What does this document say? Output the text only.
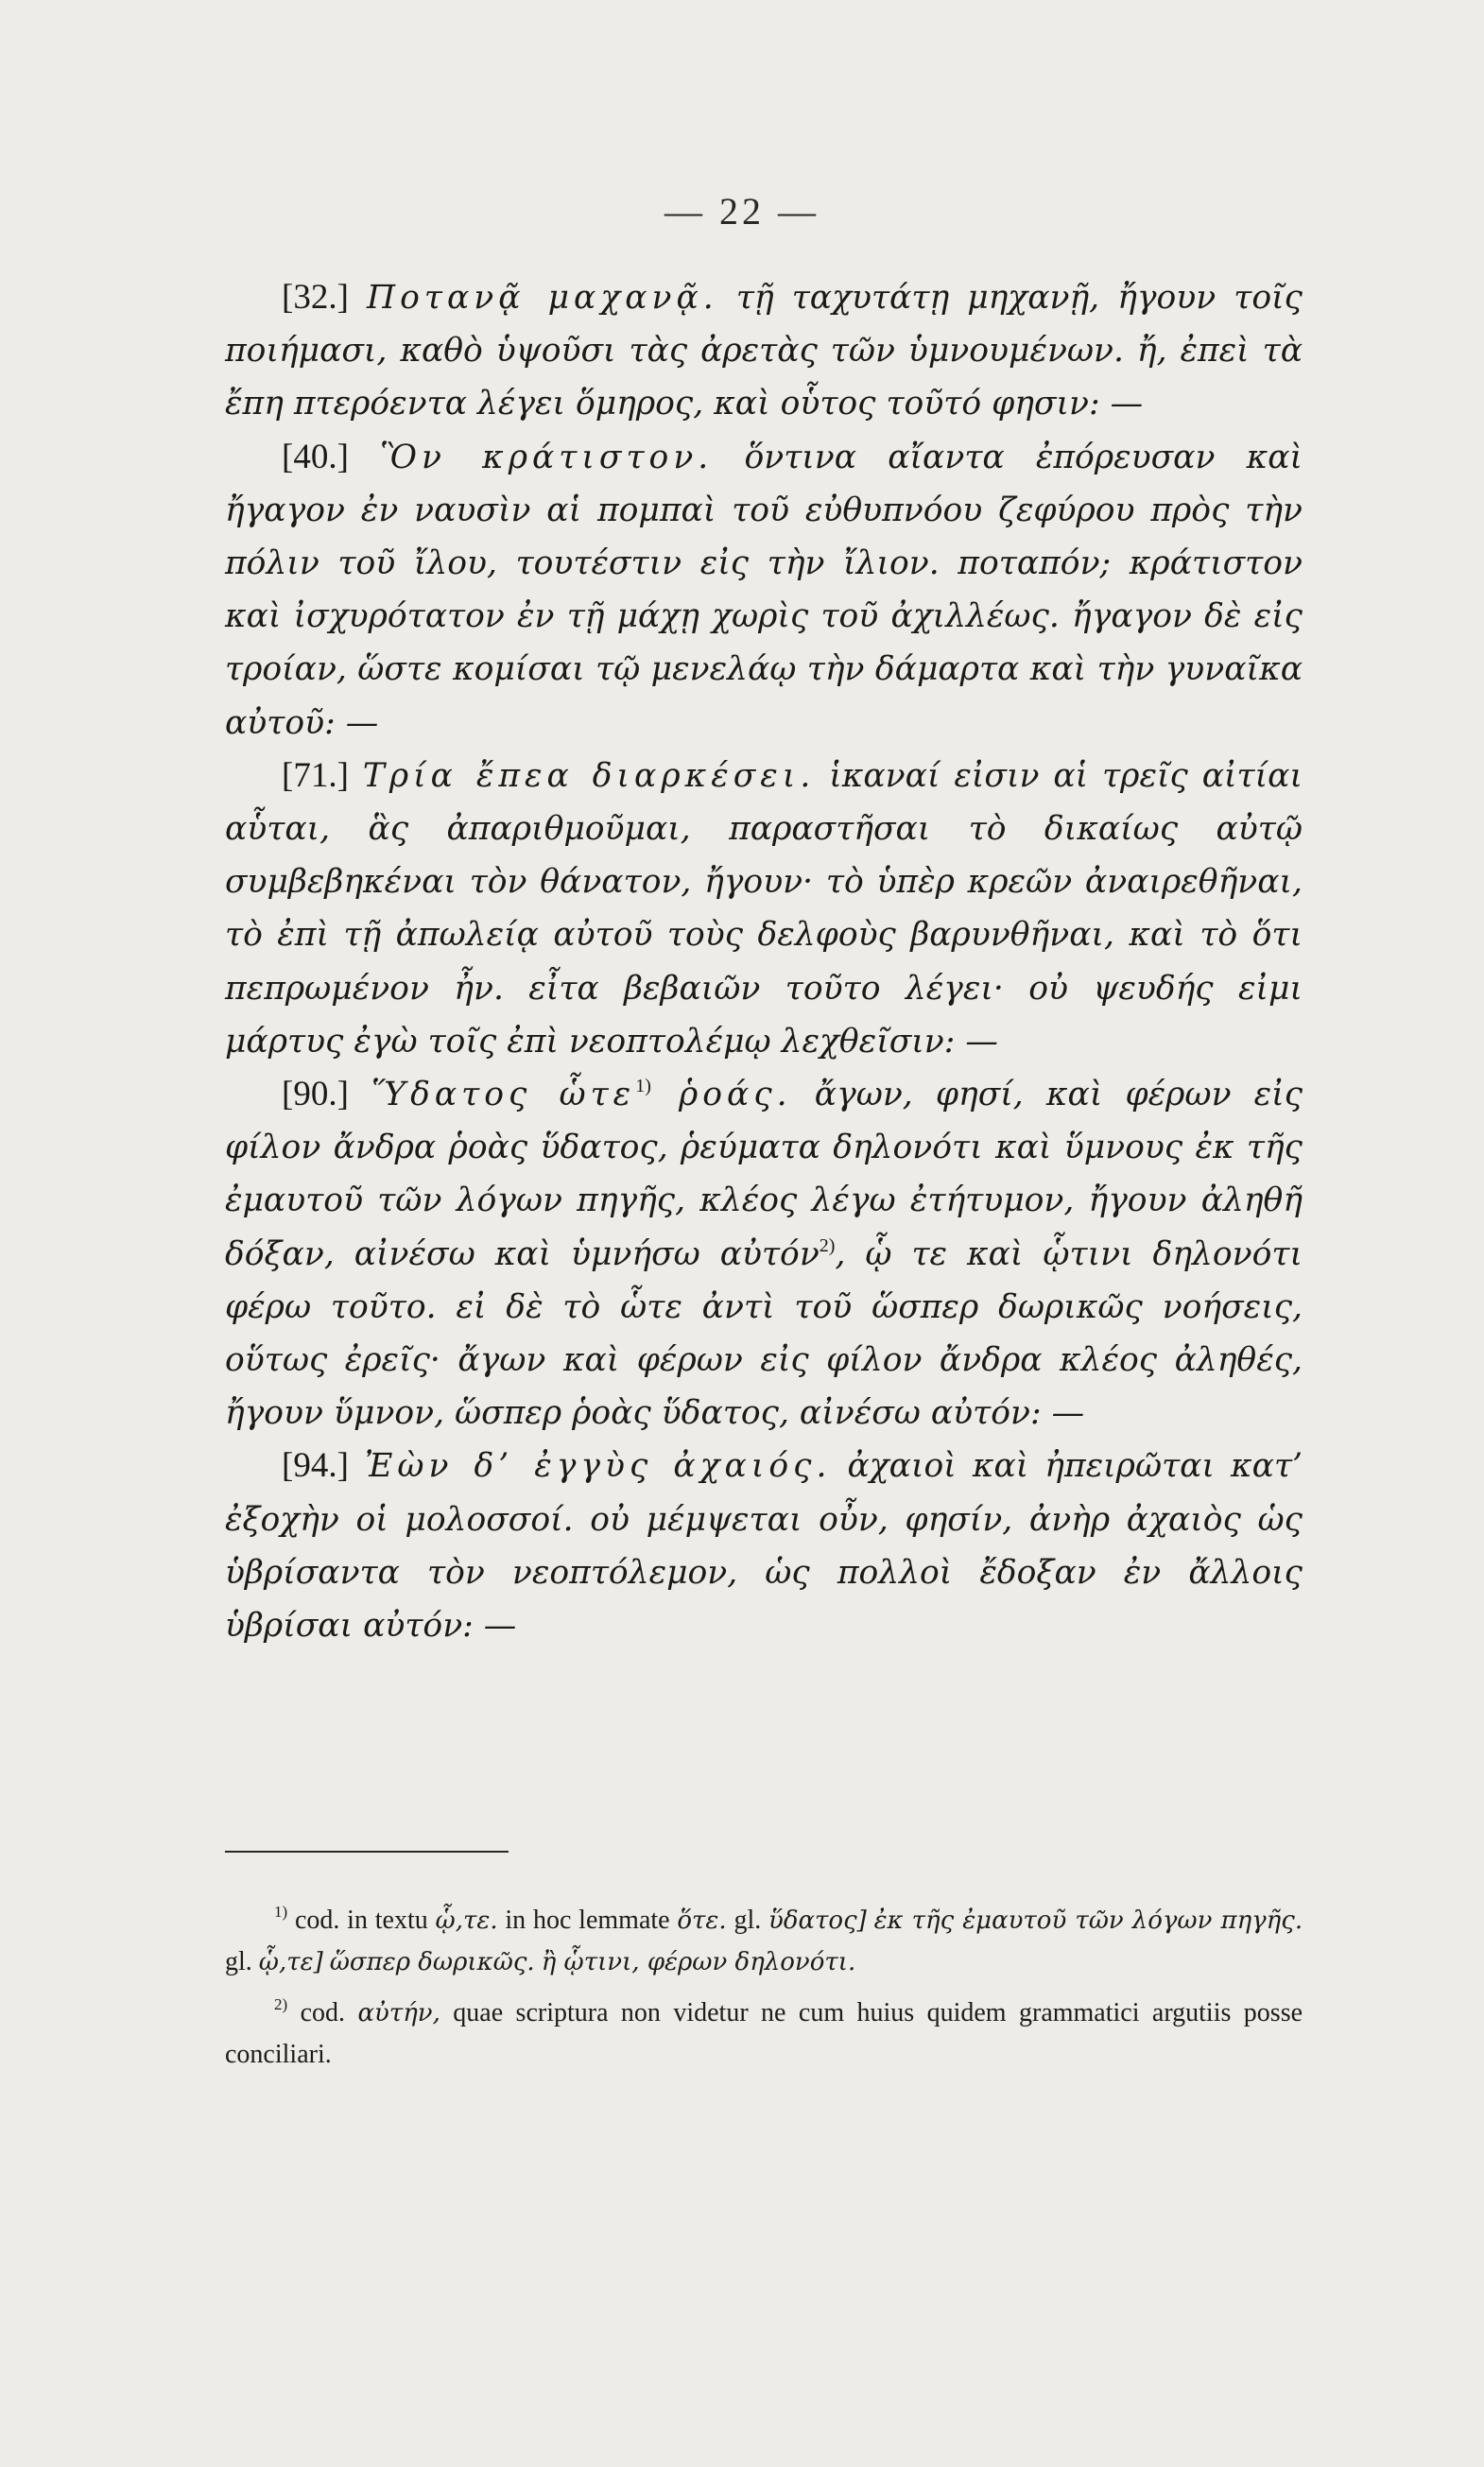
— 22 —

[32.] Ποτανᾷ μαχανᾷ. τῇ ταχυτάτῃ μηχανῇ, ἤγουν τοῖς ποιήμασι, καθὸ ὑψοῦσι τὰς ἀρετὰς τῶν ὑμνουμένων. ἤ, ἐπεὶ τὰ ἔπη πτερόεντα λέγει ὅμηρος, καὶ οὗτος τοῦτό φησιν: —

[40.] Ὃν κράτιστον. ὅντινα αἴαντα ἐπόρευσαν καὶ ἤγαγον ἐν ναυσὶν αἱ πομπαὶ τοῦ εὐθυπνόου ζεφύρου πρὸς τὴν πόλιν τοῦ ἴλου, τουτέστιν εἰς τὴν ἴλιον. ποταπόν; κράτιστον καὶ ἰσχυρότατον ἐν τῇ μάχῃ χωρὶς τοῦ ἀχιλλέως. ἤγαγον δὲ εἰς τροίαν, ὥστε κομίσαι τῷ μενελάῳ τὴν δάμαρτα καὶ τὴν γυναῖκα αὐτοῦ: —

[71.] Τρία ἔπεα διαρκέσει. ἱκαναί εἰσιν αἱ τρεῖς αἰτίαι αὗται, ἃς ἀπαριθμοῦμαι, παραστῆσαι τὸ δικαίως αὐτῷ συμβεβηκέναι τὸν θάνατον, ἤγουν· τὸ ὑπὲρ κρεῶν ἀναιρεθῆναι, τὸ ἐπὶ τῇ ἀπωλείᾳ αὐτοῦ τοὺς δελφοὺς βαρυνθῆναι, καὶ τὸ ὅτι πεπρωμένον ἦν. εἶτα βεβαιῶν τοῦτο λέγει· οὐ ψευδής εἰμι μάρτυς ἐγὼ τοῖς ἐπὶ νεοπτολέμῳ λεχθεῖσιν: —

[90.] Ὕδατος ὧτε$^{1)}$ ῥοάς. ἄγων, φησί, καὶ φέρων εἰς φίλον ἄνδρα ῥοὰς ὕδατος, ῥεύματα δηλονότι καὶ ὕμνους ἐκ τῆς ἐμαυτοῦ τῶν λόγων πηγῆς, κλέος λέγω ἐτήτυμον, ἤγουν ἀληθῆ δόξαν, αἰνέσω καὶ ὑμνήσω αὐτόν$^{2)}$, ᾧ τε καὶ ᾧτινι δηλονότι φέρω τοῦτο. εἰ δὲ τὸ ὧτε ἀντὶ τοῦ ὥσπερ δωρικῶς νοήσεις, οὕτως ἐρεῖς· ἄγων καὶ φέρων εἰς φίλον ἄνδρα κλέος ἀληθές, ἤγουν ὕμνον, ὥσπερ ῥοὰς ὕδατος, αἰνέσω αὐτόν: —

[94.] Ἐὼν δ’ ἐγγὺς ἀχαιός. ἀχαιοὶ καὶ ἠπειρῶται κατ’ ἐξοχὴν οἱ μολοσσοί. οὐ μέμψεται οὖν, φησίν, ἀνὴρ ἀχαιὸς ὡς ὑβρίσαντα τὸν νεοπτόλεμον, ὡς πολλοὶ ἔδοξαν ἐν ἄλλοις ὑβρίσαι αὐτόν: —

$^{1)}$ cod. in textu ᾧ,τε. in hoc lemmate ὅτε. gl. ὕδατος] ἐκ τῆς ἐμαυτοῦ τῶν λόγων πηγῆς. gl. ᾧ,τε] ὥσπερ δωρικῶς. ἢ ᾧτινι, φέρων δηλονότι.

$^{2)}$ cod. αὐτήν, quae scriptura non videtur ne cum huius quidem grammatici argutiis posse conciliari.
